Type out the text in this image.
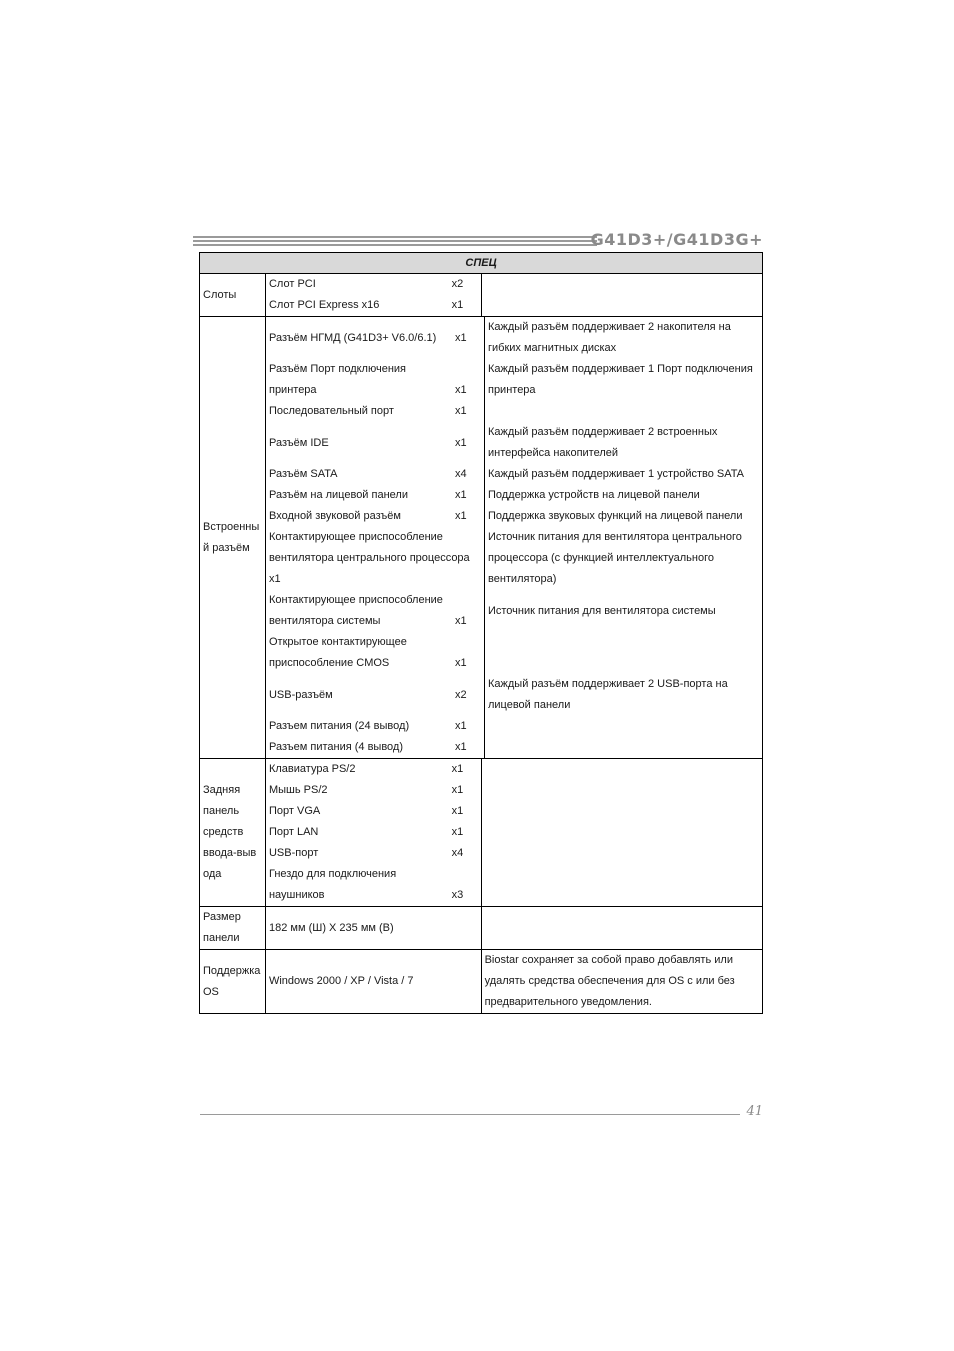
G41D3+/G41D3G+
СПЕЦ
Слоты	
Слот PCI	x2
Слот PCI Express x16	x1

Встроенны й разъём	
Разъём НГМД (G41D3+ V6.0/6.1)	x1	Каждый разъём поддерживает 2 накопителя на гибких магнитных дисках
Разъём Порт подключения принтера	x1	Каждый разъём поддерживает 1 Порт подключения принтера
Последовательный порт	x1	
Разъём IDE	x1	Каждый разъём поддерживает 2 встроенных интерфейса накопителей
Разъём SATA	x4	Каждый разъём поддерживает 1 устройство SATA
Разъём на лицевой панели	x1	Поддержка устройств на лицевой панели
Входной звуковой разъём	x1	Поддержка звуковых функций на лицевой панели
Контактирующее приспособление вентилятора центрального процессора x1	Источник питания для вентилятора центрального процессора (с функцией интеллектуального вентилятора)
Контактирующее приспособление вентилятора системы	x1	Источник питания для вентилятора системы
Открытое контактирующее приспособление CMOS	x1	
USB-разъём	x2	Каждый разъём поддерживает 2 USB-порта на лицевой панели
Разъем питания (24 вывод)	x1	
Разъем питания (4 вывод)	x1	

Задняя панель средств ввода-выв ода	
Клавиатура PS/2	x1
Мышь PS/2	x1
Порт VGA	x1
Порт LAN	x1
USB-порт	x4
Гнездо для подключения наушников	x3

Размер панели	182 мм (Ш) X 235 мм (В)	
Поддержка OS	Windows 2000 / XP / Vista / 7	Biostar сохраняет за собой право добавлять или удалять средства обеспечения для OS с или без предварительного уведомления.
41
